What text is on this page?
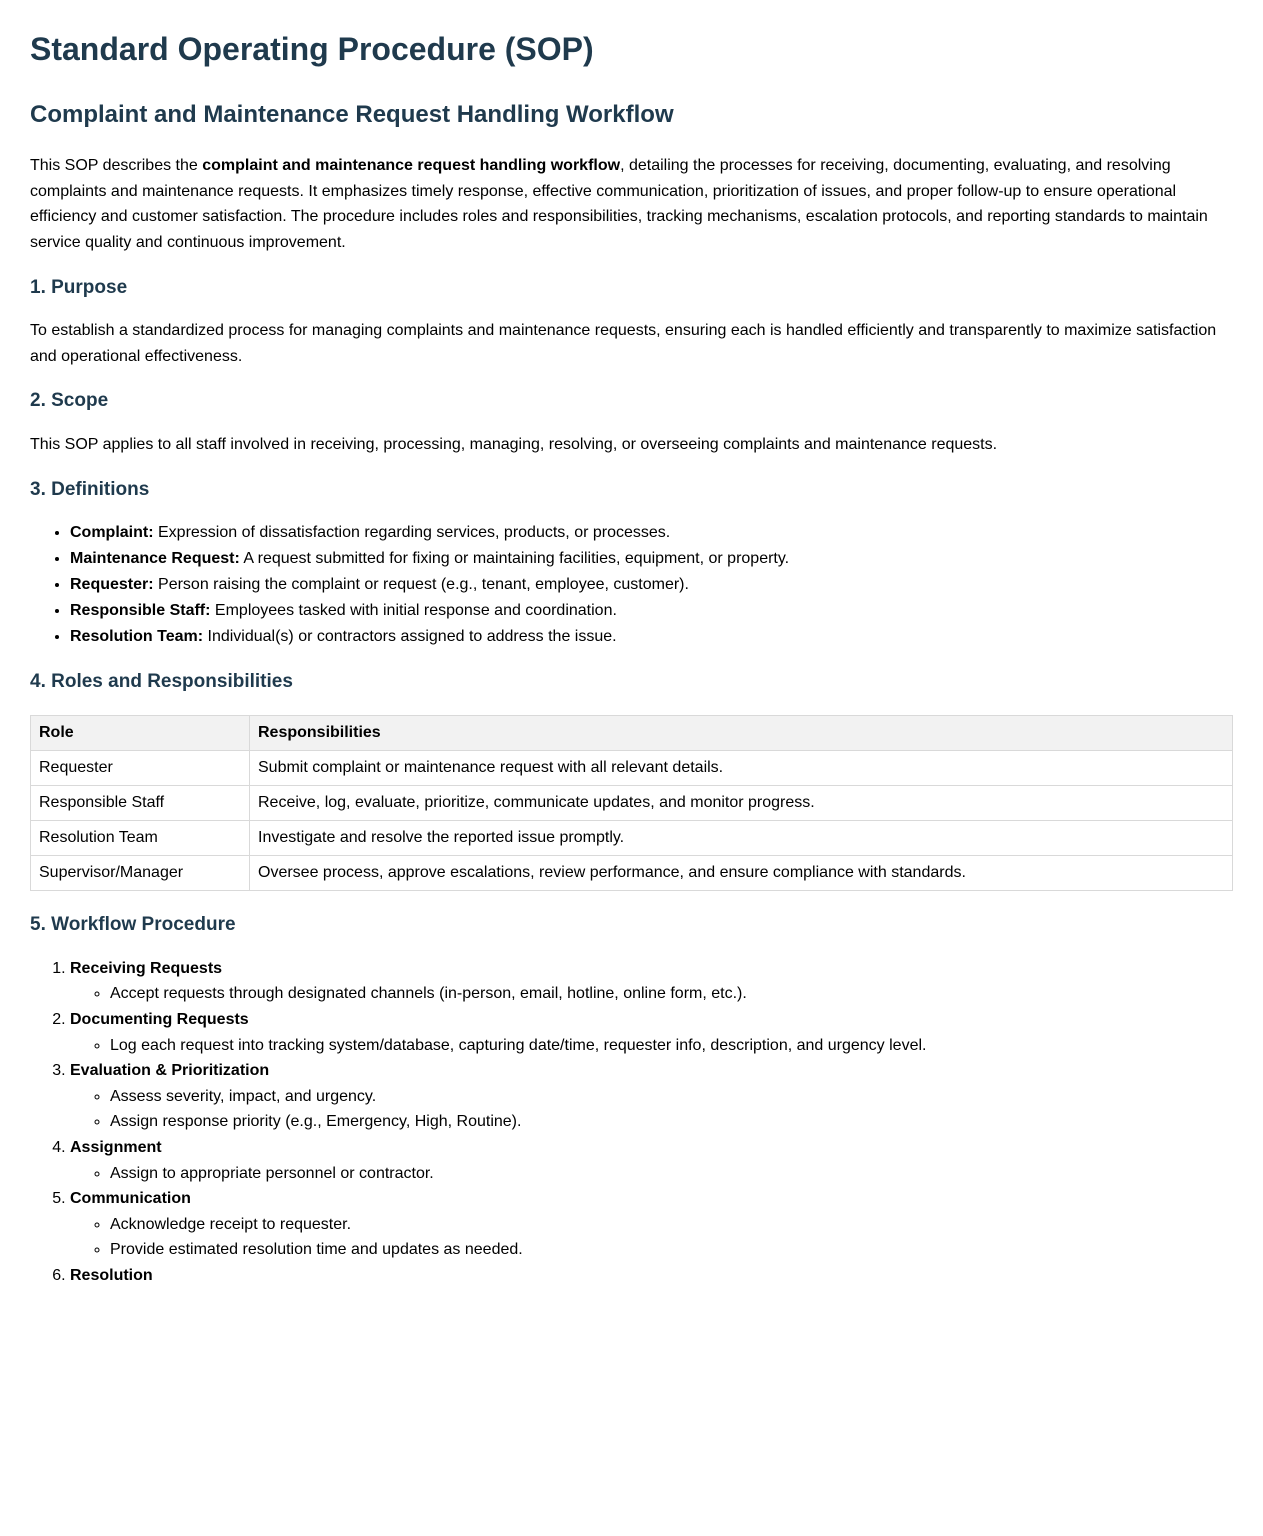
Standard Operating Procedure (SOP)
Complaint and Maintenance Request Handling Workflow

This SOP describes the complaint and maintenance request handling workflow, detailing the processes for receiving, documenting, evaluating, and resolving complaints and maintenance requests. It emphasizes timely response, effective communication, prioritization of issues, and proper follow-up to ensure operational efficiency and customer satisfaction. The procedure includes roles and responsibilities, tracking mechanisms, escalation protocols, and reporting standards to maintain service quality and continuous improvement.

1. Purpose

To establish a standardized process for managing complaints and maintenance requests, ensuring each is handled efficiently and transparently to maximize satisfaction and operational effectiveness.

2. Scope

This SOP applies to all staff involved in receiving, processing, managing, resolving, or overseeing complaints and maintenance requests.

3. Definitions
• Complaint: Expression of dissatisfaction regarding services, products, or processes.
• Maintenance Request: A request submitted for fixing or maintaining facilities, equipment, or property.
• Requester: Person raising the complaint or request (e.g., tenant, employee, customer).
• Responsible Staff: Employees tasked with initial response and coordination.
• Resolution Team: Individual(s) or contractors assigned to address the issue.
4. Roles and Responsibilities
Role	Responsibilities
Requester	Submit complaint or maintenance request with all relevant details.
Responsible Staff	Receive, log, evaluate, prioritize, communicate updates, and monitor progress.
Resolution Team	Investigate and resolve the reported issue promptly.
Supervisor/Manager	Oversee process, approve escalations, review performance, and ensure compliance with standards.
5. Workflow Procedure
1. Receiving Requests
◦ Accept requests through designated channels (in-person, email, hotline, online form, etc.).
2. Documenting Requests
◦ Log each request into tracking system/database, capturing date/time, requester info, description, and urgency level.
3. Evaluation & Prioritization
◦ Assess severity, impact, and urgency.
◦ Assign response priority (e.g., Emergency, High, Routine).
4. Assignment
◦ Assign to appropriate personnel or contractor.
5. Communication
◦ Acknowledge receipt to requester.
◦ Provide estimated resolution time and updates as needed.
6. Resolution
